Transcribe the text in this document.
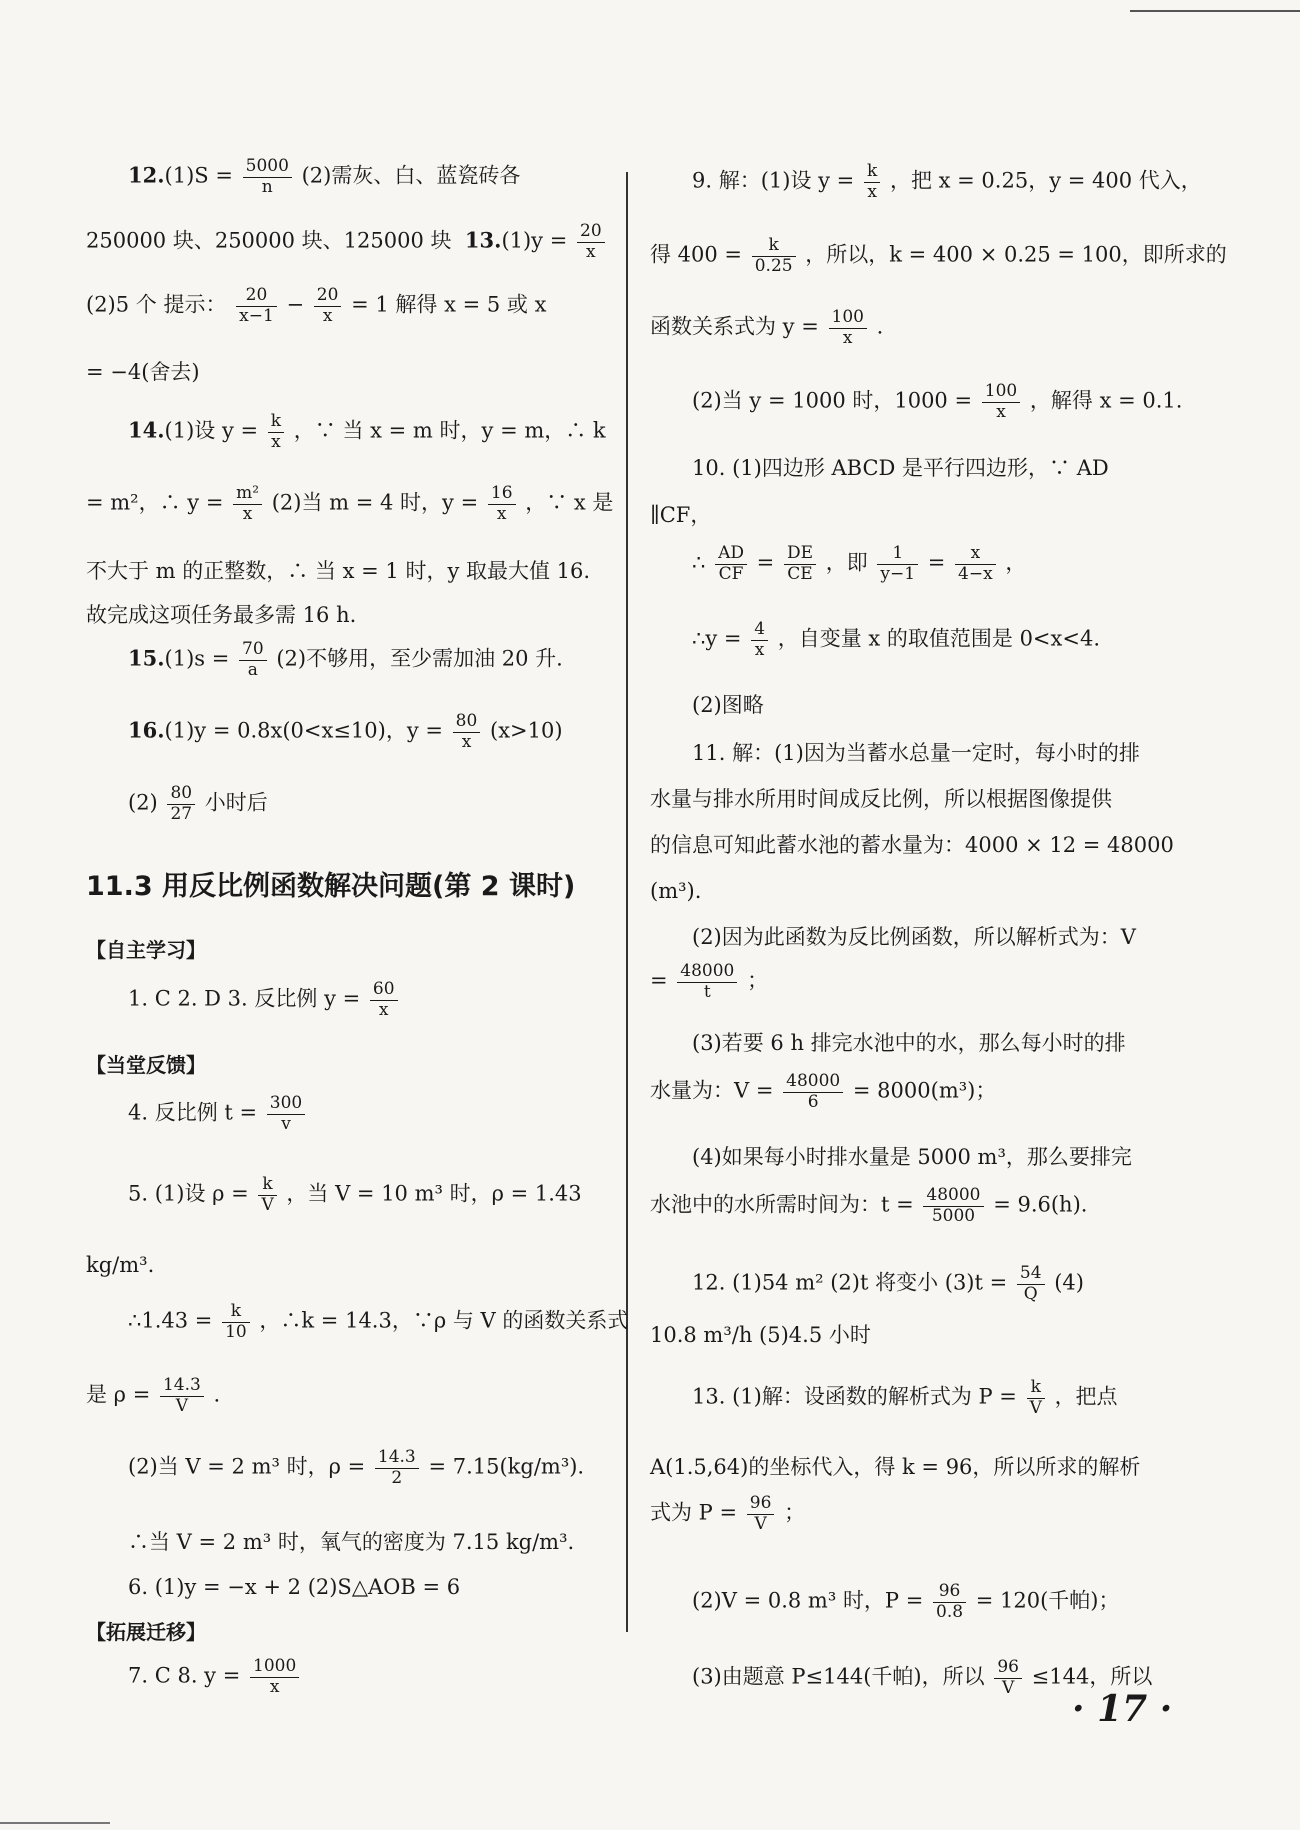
$12.(1)S = \frac{5000}{n} (2)$需灰、白、蓝瓷砖各
250000 块、250000 块、125000 块 $13.(1)y = \frac{20}{x}$
(2)5 个 提示： $\frac{20}{x-1} - \frac{20}{x} = 1$ 解得 x = 5 或 x
= −4(舍去)
14.(1)设 $y = \frac{k}{x}$ ，∵ 当 x = m 时，y = m，∴ k
= m²，∴ $y = \frac{\text{m²}}{x} (2)$当 m = 4 时，$y = \frac{16}{x}$ ，∵ x 是
不大于 m 的正整数，∴ 当 x = 1 时，y 取最大值 16.
故完成这项任务最多需 16 h.
$15.(1)s = \frac{70}{a} (2)$不够用，至少需加油 20 升.
16.(1)y = 0.8x(0<x≤10)，$y = \frac{80}{x} (x>10)$
$(2) \frac{80}{27}$ 小时后
11.3 用反比例函数解决问题(第 2 课时)
【自主学习】
1. C 2. D 3. 反比例 $y = \frac{60}{x}$
【当堂反馈】
4. 反比例 $t = \frac{300}{v}$
5. (1)设 $\rho = \frac{k}{V}$ ，当 V = 10 m³ 时，ρ = 1.43
kg/m³.
∴1.43 = $\frac{k}{10}$ ，∴k = 14.3，∵ρ 与 V 的函数关系式
是 $\rho = \frac{14.3}{V}$ .
(2)当 V = 2 m³ 时，$\rho = \frac{14.3}{2} = 7.15(kg/m^3)$.
∴当 V = 2 m³ 时，氧气的密度为 7.15 kg/m³.
6. (1)y = −x + 2 (2)S△AOB = 6
【拓展迁移】
7. C 8. $y = \frac{1000}{x}$
9. 解：(1)设 $y = \frac{k}{x}$ ，把 x = 0.25，y = 400 代入，
得 $400 = \frac{k}{0.25}$ ，所以，k = 400 × 0.25 = 100，即所求的
函数关系式为 $y = \frac{100}{x}$ .
(2)当 y = 1000 时，$1000 = \frac{100}{x}$ ，解得 x = 0.1.
10. (1)四边形 ABCD 是平行四边形，∵ AD
∥CF，
∴ $\frac{AD}{CF} = \frac{DE}{CE}$ ，即 $\frac{1}{y-1} = \frac{x}{4-x}$ ，
∴y = $\frac{4}{x}$ ，自变量 x 的取值范围是 0<x<4.
(2)图略
11. 解：(1)因为当蓄水总量一定时，每小时的排
水量与排水所用时间成反比例，所以根据图像提供
的信息可知此蓄水池的蓄水量为：4000 × 12 = 48000
(m³).
(2)因为此函数为反比例函数，所以解析式为：V
= $\frac{48000}{t}$ ；
(3)若要 6 h 排完水池中的水，那么每小时的排
水量为：$V = \frac{48000}{6} = 8000(m^3)$；
(4)如果每小时排水量是 5000 m³，那么要排完
水池中的水所需时间为：$t = \frac{48000}{5000} = 9.6(h)$.
12. (1)54 m² (2)t 将变小 $(3)t = \frac{54}{Q} (4)$
10.8 m³/h (5)4.5 小时
13. (1)解：设函数的解析式为 $P = \frac{k}{V}$ ，把点
A(1.5,64)的坐标代入，得 k = 96，所以所求的解析
式为 $P = \frac{96}{V}$ ；
(2)V = 0.8 m³ 时，$P = \frac{96}{0.8} = 120$(千帕)；
(3)由题意 P≤144(千帕)，所以 $\frac{96}{V} \le 144$，所以
· 17 ·
